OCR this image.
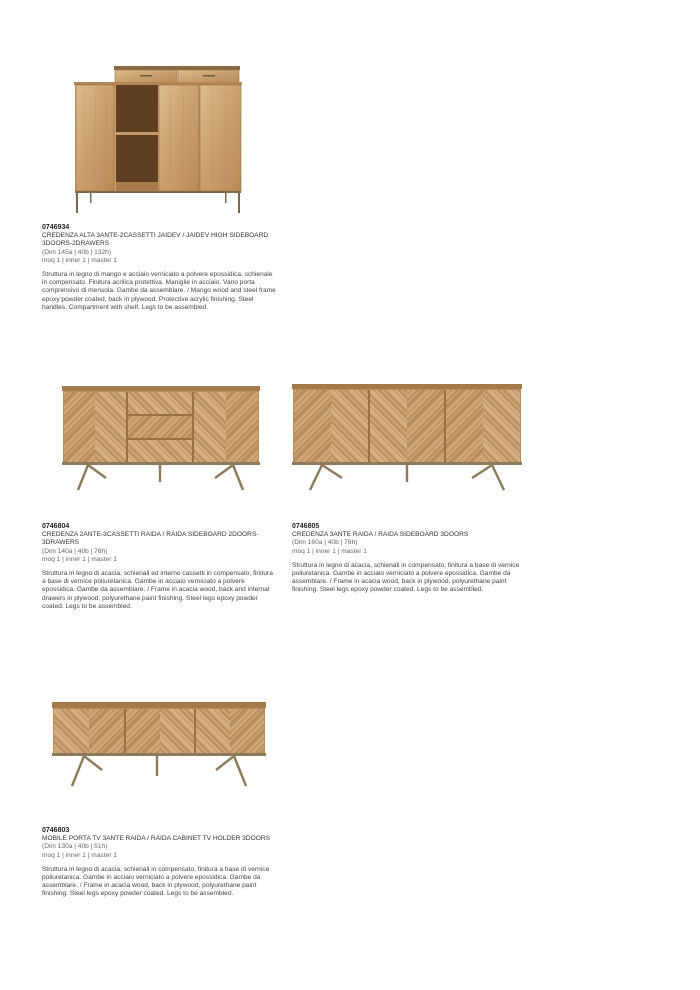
0746934
CREDENZA ALTA 3ANTE-2CASSETTI JAIDEV / JAIDEV HIGH SIDEBOARD 3DOORS-2DRAWERS
(Dim 145a | 40b | 132h)
moq 1 | inner 1 | master 1
Struttura in legno di mango e acciaio verniciato a polvere epossidica, schienale in compensato. Finitura acrilica protettiva. Maniglie in acciaio. Vano porta comprensivo di mensola. Gambe da assemblare. / Mango wood and steel frame epoxy powder coated, back in plywood. Protective acrylic finishing. Steel handles. Compartment with shelf. Legs to be assembled.
0746804
CREDENZA 2ANTE-3CASSETTI RAIDA / RAIDA SIDEBOARD 2DOORS-3DRAWERS
(Dim 140a | 40b | 76h)
moq 1 | inner 1 | master 1
Struttura in legno di acacia, schienali ed interno cassetti in compensato, finitura a base di vernice poliuretanica. Gambe in acciaio verniciato a polvere epossidica. Gambe da assemblare. / Frame in acacia wood, back and internal drawers in plywood, polyurethane paint finishing. Steel legs epoxy powder coated. Legs to be assembled.
0746805
CREDENZA 3ANTE RAIDA / RAIDA SIDEBOARD 3DOORS
(Dim 160a | 40b | 76h)
moq 1 | inner 1 | master 1
Struttura in legno di acacia, schienali in compensato, finitura a base di vernice poliuretanica. Gambe in acciaio verniciato a polvere epossidica. Gambe da assemblare. / Frame in acacia wood, back in plywood, polyurethane paint finishing. Steel legs epoxy powder coated. Legs to be assembled.
0746803
MOBILE PORTA TV 3ANTE RAIDA / RAIDA CABINET TV HOLDER 3DOORS
(Dim 130a | 40b | 51h)
moq 1 | inner 1 | master 1
Struttura in legno di acacia, schienali in compensato, finitura a base di vernice poliuretanica. Gambe in acciaio verniciato a polvere epossidica. Gambe da assemblare. / Frame in acacia wood, back in plywood, polyurethane paint finishing. Steel legs epoxy powder coated. Legs to be assembled.
